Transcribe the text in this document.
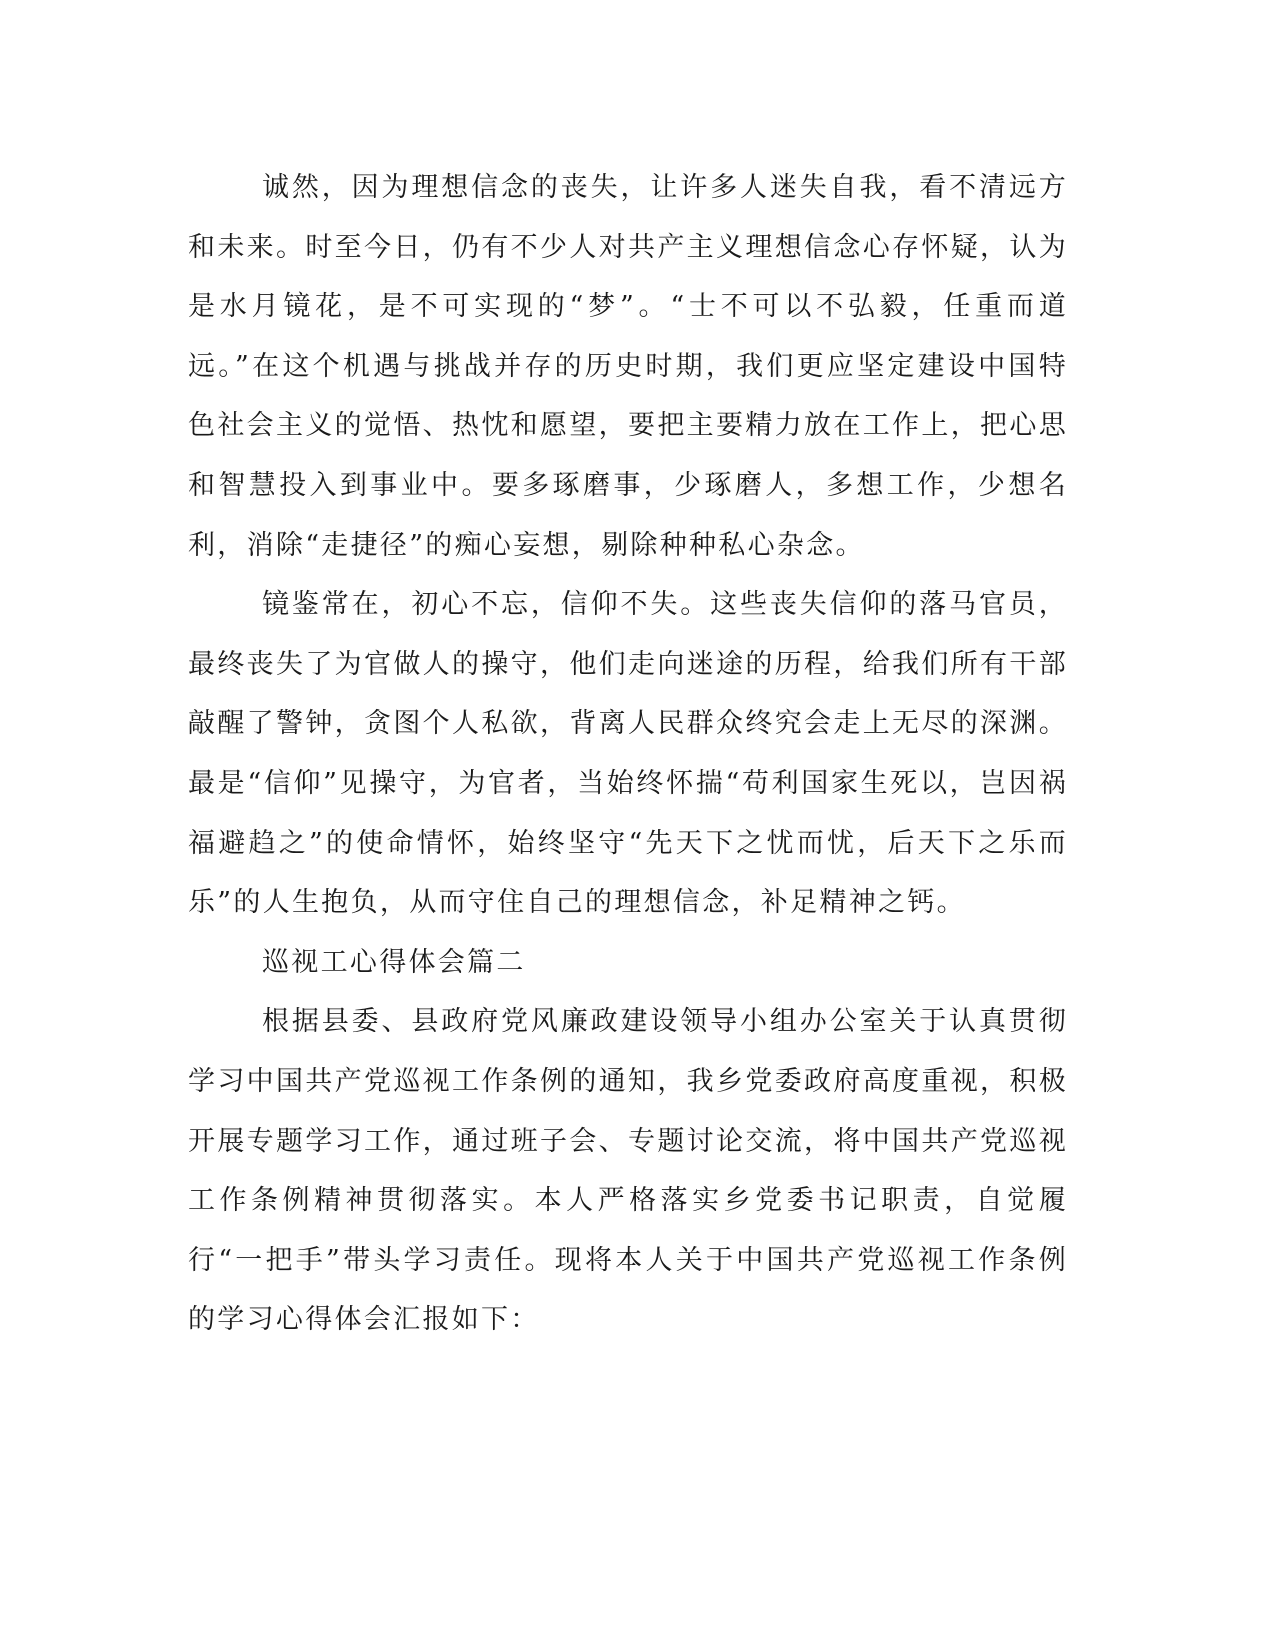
诚然，因为理想信念的丧失，让许多人迷失自我，看不清远方和未来。时至今日，仍有不少人对共产主义理想信念心存怀疑，认为是水月镜花，是不可实现的“梦”。“士不可以不弘毅，任重而道远。”在这个机遇与挑战并存的历史时期，我们更应坚定建设中国特色社会主义的觉悟、热忱和愿望，要把主要精力放在工作上，把心思和智慧投入到事业中。要多琢磨事，少琢磨人，多想工作，少想名利，消除“走捷径”的痴心妄想，剔除种种私心杂念。

镜鉴常在，初心不忘，信仰不失。这些丧失信仰的落马官员，最终丧失了为官做人的操守，他们走向迷途的历程，给我们所有干部敲醒了警钟，贪图个人私欲，背离人民群众终究会走上无尽的深渊。最是“信仰”见操守，为官者，当始终怀揣“苟利国家生死以，岂因祸福避趋之”的使命情怀，始终坚守“先天下之忧而忧，后天下之乐而乐”的人生抱负，从而守住自己的理想信念，补足精神之钙。

巡视工心得体会篇二

根据县委、县政府党风廉政建设领导小组办公室关于认真贯彻学习中国共产党巡视工作条例的通知，我乡党委政府高度重视，积极开展专题学习工作，通过班子会、专题讨论交流，将中国共产党巡视工作条例精神贯彻落实。本人严格落实乡党委书记职责，自觉履行“一把手”带头学习责任。现将本人关于中国共产党巡视工作条例的学习心得体会汇报如下：
